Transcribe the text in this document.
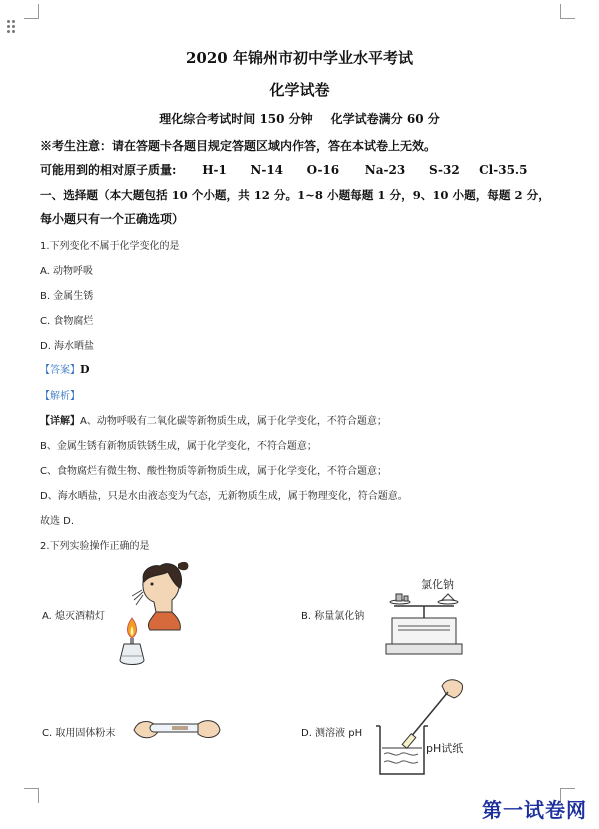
2020 年锦州市初中学业水平考试
化学试卷
理化综合考试时间 150 分钟 化学试卷满分 60 分
※考生注意：请在答题卡各题目规定答题区域内作答，答在本试卷上无效。
可能用到的相对原子质量: H-1 N-14 O-16 Na-23 S-32 Cl-35.5
一、选择题（本大题包括 10 个小题，共 12 分。1~8 小题每题 1 分，9、10 小题，每题 2 分，
每小题只有一个正确选项）
1.下列变化不属于化学变化的是
A. 动物呼吸
B. 金属生锈
C. 食物腐烂
D. 海水晒盐
【答案】D
【解析】
【详解】A、动物呼吸有二氧化碳等新物质生成，属于化学变化，不符合题意；
B、金属生锈有新物质铁锈生成，属于化学变化，不符合题意；
C、食物腐烂有微生物、酸性物质等新物质生成，属于化学变化，不符合题意；
D、海水晒盐，只是水由液态变为气态，无新物质生成，属于物理变化，符合题意。
故选 D.
2.下列实验操作正确的是
A. 熄灭酒精灯	B. 称量氯化钠
C. 取用固体粉末	D. 测溶液 pH
氯化钠
pH试纸
第一试卷网
